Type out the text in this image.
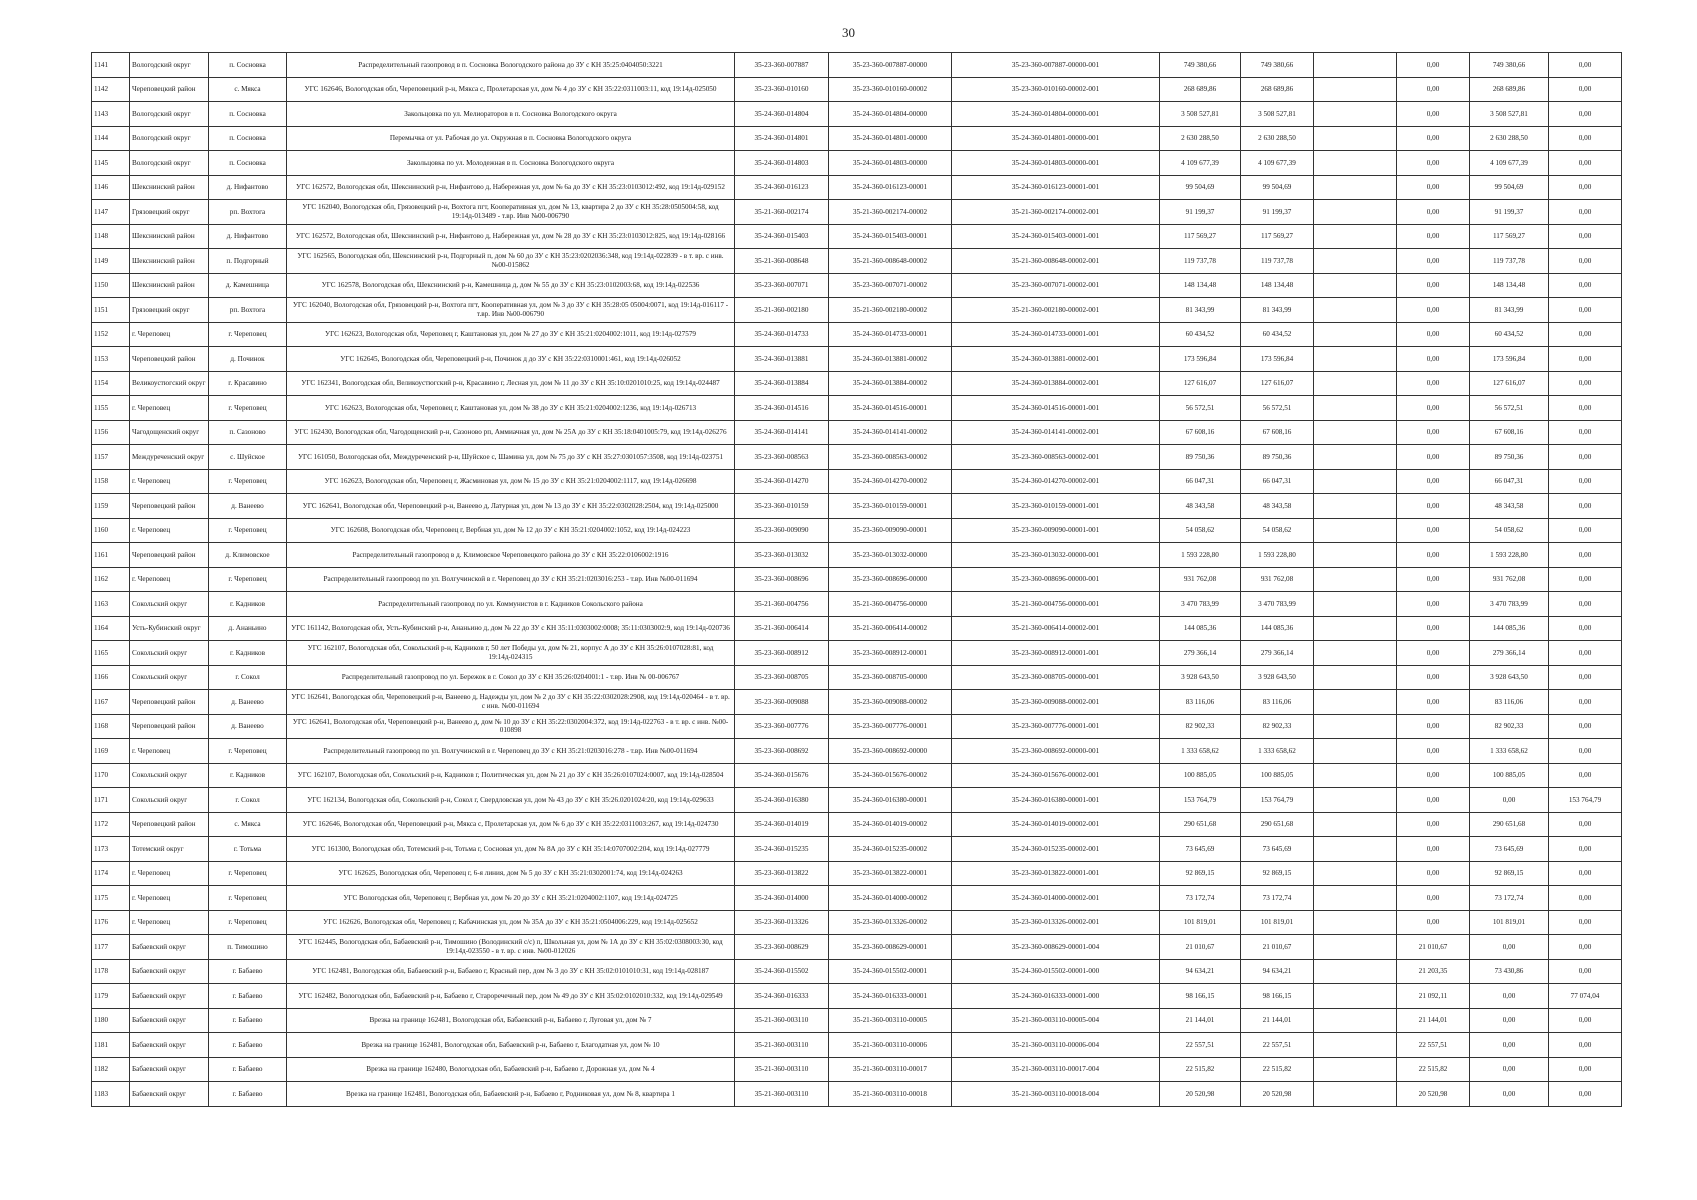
30
1141	Вологодский округ	п. Сосновка	Распределительный газопровод в п. Сосновка Вологодского района до ЗУ с КН 35:25:0404050:3221	35-23-360-007887	35-23-360-007887-00000	35-23-360-007887-00000-001	749 380,66	749 380,66		0,00	749 380,66	0,00
1142	Череповецкий район	с. Мякса	УГС 162646, Вологодская обл, Череповецкий р-н, Мякса с, Пролетарская ул, дом № 4 до ЗУ с КН 35:22:0311003:11, код 19:14д-025050	35-23-360-010160	35-23-360-010160-00002	35-23-360-010160-00002-001	268 689,86	268 689,86		0,00	268 689,86	0,00
1143	Вологодский округ	п. Сосновка	Закольцовка по ул. Мелиораторов в п. Сосновка Вологодского округа	35-24-360-014804	35-24-360-014804-00000	35-24-360-014804-00000-001	3 508 527,81	3 508 527,81		0,00	3 508 527,81	0,00
1144	Вологодский округ	п. Сосновка	Перемычка от ул. Рабочая до ул. Окружная в п. Сосновка Вологодского округа	35-24-360-014801	35-24-360-014801-00000	35-24-360-014801-00000-001	2 630 288,50	2 630 288,50		0,00	2 630 288,50	0,00
1145	Вологодский округ	п. Сосновка	Закольцовка по ул. Молодежная в п. Сосновка Вологодского округа	35-24-360-014803	35-24-360-014803-00000	35-24-360-014803-00000-001	4 109 677,39	4 109 677,39		0,00	4 109 677,39	0,00
1146	Шекснинский район	д. Нифантово	УГС 162572, Вологодская обл, Шекснинский р-н, Нифантово д, Набережная ул, дом № 6а до ЗУ с КН 35:23:0103012:492, код 19:14д-029152	35-24-360-016123	35-24-360-016123-00001	35-24-360-016123-00001-001	99 504,69	99 504,69		0,00	99 504,69	0,00
1147	Грязовецкий округ	рп. Вохтога	УГС 162040, Вологодская обл, Грязовецкий р-н, Вохтога пгт, Кооперативная ул, дом № 13, квартира 2 до ЗУ с КН 35:28:0505004:58, код 19:14д-013489 - т.вр. Инв №00-006790	35-21-360-002174	35-21-360-002174-00002	35-21-360-002174-00002-001	91 199,37	91 199,37		0,00	91 199,37	0,00
1148	Шекснинский район	д. Нифантово	УГС 162572, Вологодская обл, Шекснинский р-н, Нифантово д, Набережная ул, дом № 28 до ЗУ с КН 35:23:0103012:825, код 19:14д-028166	35-24-360-015403	35-24-360-015403-00001	35-24-360-015403-00001-001	117 569,27	117 569,27		0,00	117 569,27	0,00
1149	Шекснинский район	п. Подгорный	УГС 162565, Вологодская обл, Шекснинский р-н, Подгорный п, дом № 60 до ЗУ с КН 35:23:0202036:348, код 19:14д-022839 - в т. вр. с инв. №00-015862	35-21-360-008648	35-21-360-008648-00002	35-21-360-008648-00002-001	119 737,78	119 737,78		0,00	119 737,78	0,00
1150	Шекснинский район	д. Камешница	УГС 162578, Вологодская обл, Шекснинский р-н, Камешница д, дом № 55 до ЗУ с КН 35:23:0102003:68, код 19:14д-022536	35-23-360-007071	35-23-360-007071-00002	35-23-360-007071-00002-001	148 134,48	148 134,48		0,00	148 134,48	0,00
1151	Грязовецкий округ	рп. Вохтога	УГС 162040, Вологодская обл, Грязовецкий р-н, Вохтога пгт, Кооперативная ул, дом № 3 до ЗУ с КН 35:28:05 05004:0071, код 19:14д-016117 - т.вр. Инв №00-006790	35-21-360-002180	35-21-360-002180-00002	35-21-360-002180-00002-001	81 343,99	81 343,99		0,00	81 343,99	0,00
1152	г. Череповец	г. Череповец	УГС 162623, Вологодская обл, Череповец г, Каштановая ул, дом № 27 до ЗУ с КН 35:21:0204002:1011, код 19:14д-027579	35-24-360-014733	35-24-360-014733-00001	35-24-360-014733-00001-001	60 434,52	60 434,52		0,00	60 434,52	0,00
1153	Череповецкий район	д. Починок	УГС 162645, Вологодская обл, Череповецкий р-н, Починок д до ЗУ с КН 35:22:0310001:461, код 19:14д-026052	35-24-360-013881	35-24-360-013881-00002	35-24-360-013881-00002-001	173 596,84	173 596,84		0,00	173 596,84	0,00
1154	Великоустюгский округ	г. Красавино	УГС 162341, Вологодская обл, Великоустюгский р-н, Красавино г, Лесная ул, дом № 11 до ЗУ с КН 35:10:0201010:25, код 19:14д-024487	35-24-360-013884	35-24-360-013884-00002	35-24-360-013884-00002-001	127 616,07	127 616,07		0,00	127 616,07	0,00
1155	г. Череповец	г. Череповец	УГС 162623, Вологодская обл, Череповец г, Каштановая ул, дом № 38 до ЗУ с КН 35:21:0204002:1236, код 19:14д-026713	35-24-360-014516	35-24-360-014516-00001	35-24-360-014516-00001-001	56 572,51	56 572,51		0,00	56 572,51	0,00
1156	Чагодощенский округ	п. Сазоново	УГС 162430, Вологодская обл, Чагодощенский р-н, Сазоново рп, Аммиачная ул, дом № 25А до ЗУ с КН 35:18:0401005:79, код 19:14д-026276	35-24-360-014141	35-24-360-014141-00002	35-24-360-014141-00002-001	67 608,16	67 608,16		0,00	67 608,16	0,00
1157	Междуреченский округ	с. Шуйское	УГС 161050, Вологодская обл, Междуреченский р-н, Шуйское с, Шамина ул, дом № 75 до ЗУ с КН 35:27:0301057:3508, код 19:14д-023751	35-23-360-008563	35-23-360-008563-00002	35-23-360-008563-00002-001	89 750,36	89 750,36		0,00	89 750,36	0,00
1158	г. Череповец	г. Череповец	УГС 162623, Вологодская обл, Череповец г, Жасминовая ул, дом № 15 до ЗУ с КН 35:21:0204002:1117, код 19:14д-026698	35-24-360-014270	35-24-360-014270-00002	35-24-360-014270-00002-001	66 047,31	66 047,31		0,00	66 047,31	0,00
1159	Череповецкий район	д. Ванеево	УГС 162641, Вологодская обл, Череповецкий р-н, Ванеево д, Латурная ул, дом № 13 до ЗУ с КН 35:22:0302028:2504, код 19:14д-025000	35-23-360-010159	35-23-360-010159-00001	35-23-360-010159-00001-001	48 343,58	48 343,58		0,00	48 343,58	0,00
1160	г. Череповец	г. Череповец	УГС 162608, Вологодская обл, Череповец г, Вербная ул, дом № 12 до ЗУ с КН 35:21:0204002:1052, код 19:14д-024223	35-23-360-009090	35-23-360-009090-00001	35-23-360-009090-00001-001	54 058,62	54 058,62		0,00	54 058,62	0,00
1161	Череповецкий район	д. Климовское	Распределительный газопровод в д. Климовское Череповецкого района до ЗУ с КН 35:22:0106002:1916	35-23-360-013032	35-23-360-013032-00000	35-23-360-013032-00000-001	1 593 228,80	1 593 228,80		0,00	1 593 228,80	0,00
1162	г. Череповец	г. Череповец	Распределительный газопровод по ул. Волгучинской в г. Череповец до ЗУ с КН 35:21:0203016:253 - т.вр. Инв №00-011694	35-23-360-008696	35-23-360-008696-00000	35-23-360-008696-00000-001	931 762,08	931 762,08		0,00	931 762,08	0,00
1163	Сокольский округ	г. Кадников	Распределительный газопровод по ул. Коммунистов в г. Кадников Сокольского района	35-21-360-004756	35-21-360-004756-00000	35-21-360-004756-00000-001	3 470 783,99	3 470 783,99		0,00	3 470 783,99	0,00
1164	Усть-Кубинский округ	д. Ананьино	УГС 161142, Вологодская обл, Усть-Кубинский р-н, Ананьино д, дом № 22 до ЗУ с КН 35:11:0303002:0008; 35:11:0303002:9, код 19:14д-020736	35-21-360-006414	35-21-360-006414-00002	35-21-360-006414-00002-001	144 085,36	144 085,36		0,00	144 085,36	0,00
1165	Сокольский округ	г. Кадников	УГС 162107, Вологодская обл, Сокольский р-н, Кадников г, 50 лет Победы ул, дом № 21, корпус А до ЗУ с КН 35:26:0107028:81, код 19:14д-024315	35-23-360-008912	35-23-360-008912-00001	35-23-360-008912-00001-001	279 366,14	279 366,14		0,00	279 366,14	0,00
1166	Сокольский округ	г. Сокол	Распределительный газопровод по ул. Бережок в г. Сокол до ЗУ с КН 35:26:0204001:1 - т.вр. Инв № 00-006767	35-23-360-008705	35-23-360-008705-00000	35-23-360-008705-00000-001	3 928 643,50	3 928 643,50		0,00	3 928 643,50	0,00
1167	Череповецкий район	д. Ванеево	УГС 162641, Вологодская обл, Череповецкий р-н, Ванеево д, Надежды ул, дом № 2 до ЗУ с КН 35:22:0302028:2908, код 19:14д-020464 - в т. вр. с инв. №00-011694	35-23-360-009088	35-23-360-009088-00002	35-23-360-009088-00002-001	83 116,06	83 116,06		0,00	83 116,06	0,00
1168	Череповецкий район	д. Ванеево	УГС 162641, Вологодская обл, Череповецкий р-н, Ванеево д, дом № 10 до ЗУ с КН 35:22:0302004:372, код 19:14д-022763 - в т. вр. с инв. №00-010898	35-23-360-007776	35-23-360-007776-00001	35-23-360-007776-00001-001	82 902,33	82 902,33		0,00	82 902,33	0,00
1169	г. Череповец	г. Череповец	Распределительный газопровод по ул. Волгучинской в г. Череповец до ЗУ с КН 35:21:0203016:278 - т.вр. Инв №00-011694	35-23-360-008692	35-23-360-008692-00000	35-23-360-008692-00000-001	1 333 658,62	1 333 658,62		0,00	1 333 658,62	0,00
1170	Сокольский округ	г. Кадников	УГС 162107, Вологодская обл, Сокольский р-н, Кадников г, Политическая ул, дом № 21 до ЗУ с КН 35:26:0107024:0007, код 19:14д-028504	35-24-360-015676	35-24-360-015676-00002	35-24-360-015676-00002-001	100 885,05	100 885,05		0,00	100 885,05	0,00
1171	Сокольский округ	г. Сокол	УГС 162134, Вологодская обл, Сокольский р-н, Сокол г, Свердловская ул, дом № 43 до ЗУ с КН 35:26.0201024:20, код 19:14д-029633	35-24-360-016380	35-24-360-016380-00001	35-24-360-016380-00001-001	153 764,79	153 764,79		0,00	0,00	153 764,79
1172	Череповецкий район	с. Мякса	УГС 162646, Вологодская обл, Череповецкий р-н, Мякса с, Пролетарская ул, дом № 6 до ЗУ с КН 35:22:0311003:267, код 19:14д-024730	35-24-360-014019	35-24-360-014019-00002	35-24-360-014019-00002-001	290 651,68	290 651,68		0,00	290 651,68	0,00
1173	Тотемский округ	г. Тотьма	УГС 161300, Вологодская обл, Тотемский р-н, Тотьма г, Сосновая ул, дом № 8А до ЗУ с КН 35:14:0707002:204, код 19:14д-027779	35-24-360-015235	35-24-360-015235-00002	35-24-360-015235-00002-001	73 645,69	73 645,69		0,00	73 645,69	0,00
1174	г. Череповец	г. Череповец	УГС 162625, Вологодская обл, Череповец г, 6-я линия, дом № 5 до ЗУ с КН 35:21:0302001:74, код 19:14д-024263	35-23-360-013822	35-23-360-013822-00001	35-23-360-013822-00001-001	92 869,15	92 869,15		0,00	92 869,15	0,00
1175	г. Череповец	г. Череповец	УГС Вологодская обл, Череповец г, Вербная ул, дом № 20 до ЗУ с КН 35:21:0204002:1107, код 19:14д-024725	35-24-360-014000	35-24-360-014000-00002	35-24-360-014000-00002-001	73 172,74	73 172,74		0,00	73 172,74	0,00
1176	г. Череповец	г. Череповец	УГС 162626, Вологодская обл, Череповец г, Кабачинская ул, дом № 35А до ЗУ с КН 35:21:0504006:229, код 19:14д-025652	35-23-360-013326	35-23-360-013326-00002	35-23-360-013326-00002-001	101 819,01	101 819,01		0,00	101 819,01	0,00
1177	Бабаевский округ	п. Тимошино	УГС 162445, Вологодская обл, Бабаевский р-н, Тимошино (Володинский с/с) п, Школьная ул, дом № 1А до ЗУ с КН 35:02:0308003:30, код 19:14д-023550 - в т. вр. с инв. №00-012026	35-23-360-008629	35-23-360-008629-00001	35-23-360-008629-00001-004	21 010,67	21 010,67		21 010,67	0,00	0,00
1178	Бабаевский округ	г. Бабаево	УГС 162481, Вологодская обл, Бабаевский р-н, Бабаево г, Красный пер, дом № 3 до ЗУ с КН 35:02:0101010:31, код 19:14д-028187	35-24-360-015502	35-24-360-015502-00001	35-24-360-015502-00001-000	94 634,21	94 634,21		21 203,35	73 430,86	0,00
1179	Бабаевский округ	г. Бабаево	УГС 162482, Вологодская обл, Бабаевский р-н, Бабаево г, Староречечный пер, дом № 49 до ЗУ с КН 35:02:0102010:332, код 19:14д-029549	35-24-360-016333	35-24-360-016333-00001	35-24-360-016333-00001-000	98 166,15	98 166,15		21 092,11	0,00	77 074,04
1180	Бабаевский округ	г. Бабаево	Врезка на границе 162481, Вологодская обл, Бабаевский р-н, Бабаево г, Луговая ул, дом № 7	35-21-360-003110	35-21-360-003110-00005	35-21-360-003110-00005-004	21 144,01	21 144,01		21 144,01	0,00	0,00
1181	Бабаевский округ	г. Бабаево	Врезка на границе 162481, Вологодская обл, Бабаевский р-н, Бабаево г, Благодатная ул, дом № 10	35-21-360-003110	35-21-360-003110-00006	35-21-360-003110-00006-004	22 557,51	22 557,51		22 557,51	0,00	0,00
1182	Бабаевский округ	г. Бабаево	Врезка на границе 162480, Вологодская обл, Бабаевский р-н, Бабаево г, Дорожная ул, дом № 4	35-21-360-003110	35-21-360-003110-00017	35-21-360-003110-00017-004	22 515,82	22 515,82		22 515,82	0,00	0,00
1183	Бабаевский округ	г. Бабаево	Врезка на границе 162481, Вологодская обл, Бабаевский р-н, Бабаево г, Родниковая ул, дом № 8, квартира 1	35-21-360-003110	35-21-360-003110-00018	35-21-360-003110-00018-004	20 520,98	20 520,98		20 520,98	0,00	0,00
